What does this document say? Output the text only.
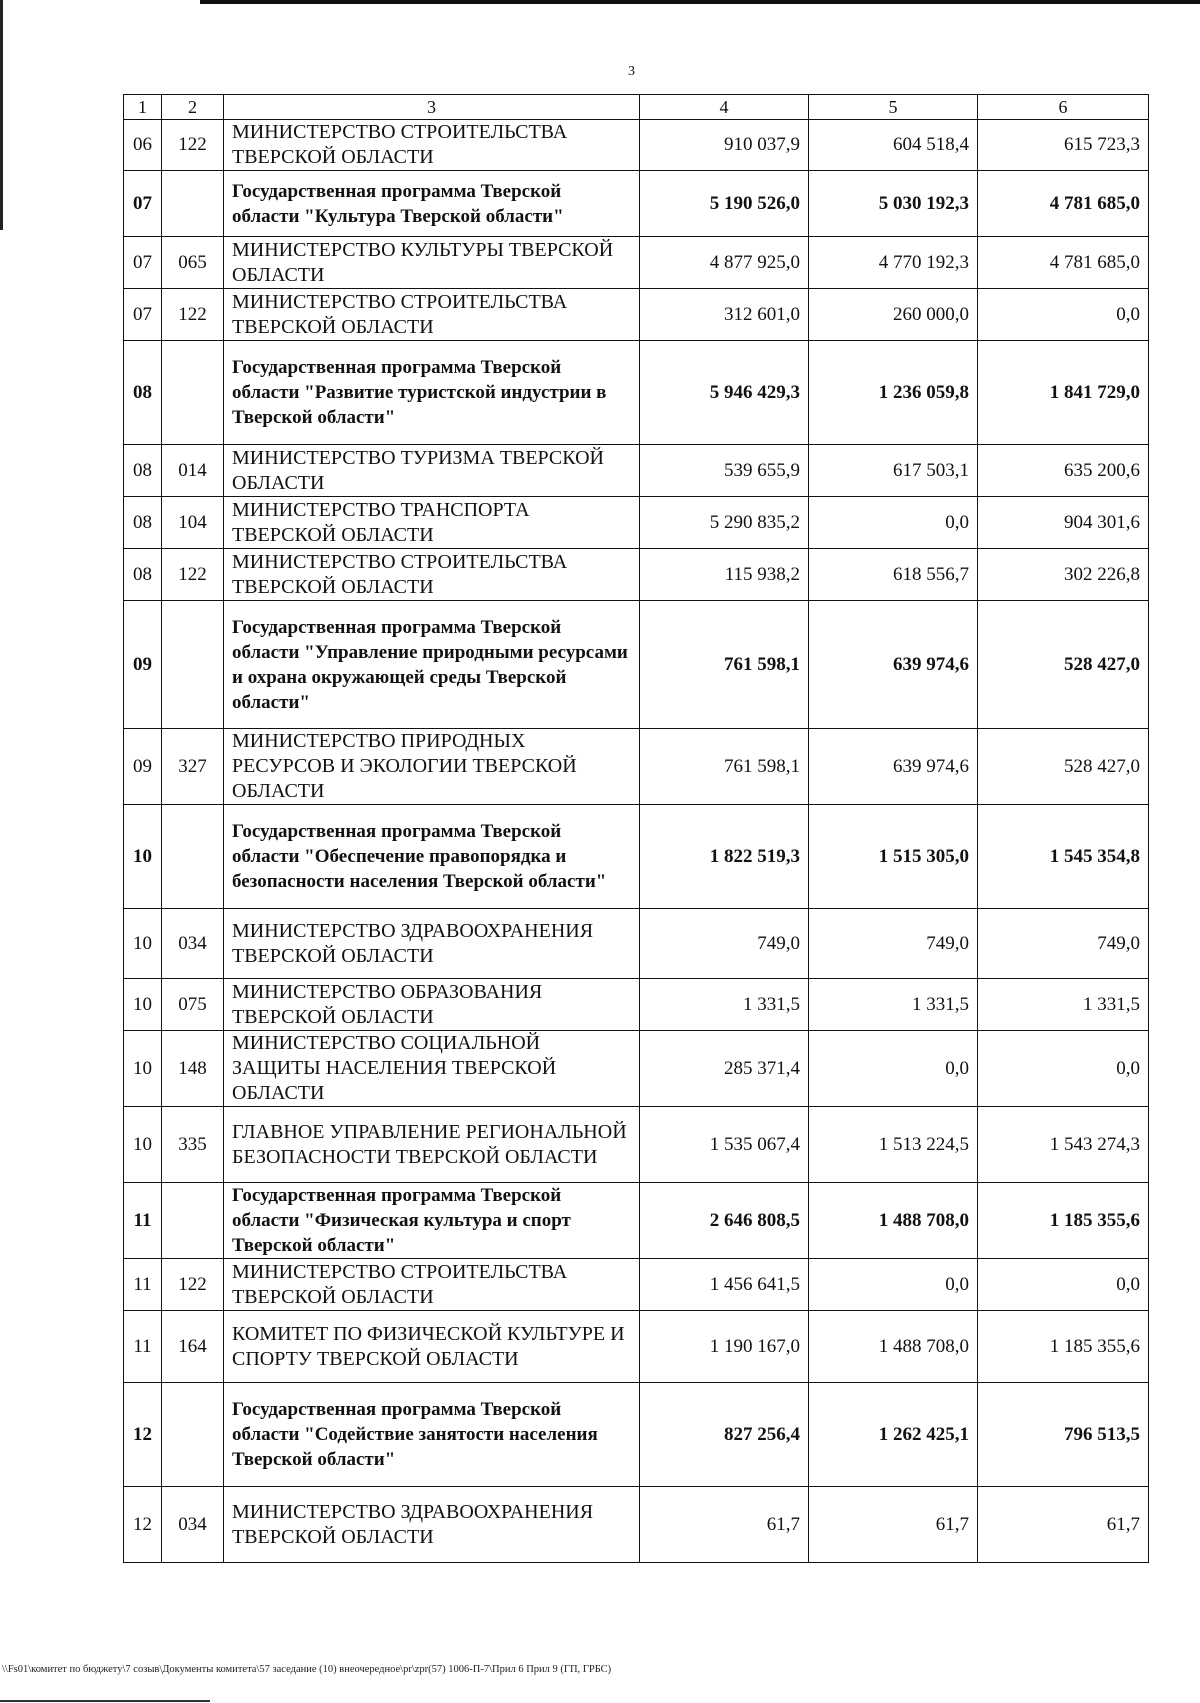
3
1	2	3	4	5	6
06	122	МИНИСТЕРСТВО СТРОИТЕЛЬСТВА ТВЕРСКОЙ ОБЛАСТИ	910 037,9	604 518,4	615 723,3
07		Государственная программа Тверской области "Культура Тверской области"	5 190 526,0	5 030 192,3	4 781 685,0
07	065	МИНИСТЕРСТВО КУЛЬТУРЫ ТВЕРСКОЙ ОБЛАСТИ	4 877 925,0	4 770 192,3	4 781 685,0
07	122	МИНИСТЕРСТВО СТРОИТЕЛЬСТВА ТВЕРСКОЙ ОБЛАСТИ	312 601,0	260 000,0	0,0
08		Государственная программа Тверской области "Развитие туристской индустрии в Тверской области"	5 946 429,3	1 236 059,8	1 841 729,0
08	014	МИНИСТЕРСТВО ТУРИЗМА ТВЕРСКОЙ ОБЛАСТИ	539 655,9	617 503,1	635 200,6
08	104	МИНИСТЕРСТВО ТРАНСПОРТА ТВЕРСКОЙ ОБЛАСТИ	5 290 835,2	0,0	904 301,6
08	122	МИНИСТЕРСТВО СТРОИТЕЛЬСТВА ТВЕРСКОЙ ОБЛАСТИ	115 938,2	618 556,7	302 226,8
09		Государственная программа Тверской области "Управление природными ресурсами и охрана окружающей среды Тверской области"	761 598,1	639 974,6	528 427,0
09	327	МИНИСТЕРСТВО ПРИРОДНЫХ РЕСУРСОВ И ЭКОЛОГИИ ТВЕРСКОЙ ОБЛАСТИ	761 598,1	639 974,6	528 427,0
10		Государственная программа Тверской области "Обеспечение правопорядка и безопасности населения Тверской области"	1 822 519,3	1 515 305,0	1 545 354,8
10	034	МИНИСТЕРСТВО ЗДРАВООХРАНЕНИЯ ТВЕРСКОЙ ОБЛАСТИ	749,0	749,0	749,0
10	075	МИНИСТЕРСТВО ОБРАЗОВАНИЯ ТВЕРСКОЙ ОБЛАСТИ	1 331,5	1 331,5	1 331,5
10	148	МИНИСТЕРСТВО СОЦИАЛЬНОЙ ЗАЩИТЫ НАСЕЛЕНИЯ ТВЕРСКОЙ ОБЛАСТИ	285 371,4	0,0	0,0
10	335	ГЛАВНОЕ УПРАВЛЕНИЕ РЕГИОНАЛЬНОЙ БЕЗОПАСНОСТИ ТВЕРСКОЙ ОБЛАСТИ	1 535 067,4	1 513 224,5	1 543 274,3
11		Государственная программа Тверской области "Физическая культура и спорт Тверской области"	2 646 808,5	1 488 708,0	1 185 355,6
11	122	МИНИСТЕРСТВО СТРОИТЕЛЬСТВА ТВЕРСКОЙ ОБЛАСТИ	1 456 641,5	0,0	0,0
11	164	КОМИТЕТ ПО ФИЗИЧЕСКОЙ КУЛЬТУРЕ И СПОРТУ ТВЕРСКОЙ ОБЛАСТИ	1 190 167,0	1 488 708,0	1 185 355,6
12		Государственная программа Тверской области "Содействие занятости населения Тверской области"	827 256,4	1 262 425,1	796 513,5
12	034	МИНИСТЕРСТВО ЗДРАВООХРАНЕНИЯ ТВЕРСКОЙ ОБЛАСТИ	61,7	61,7	61,7
\\Fs01\комитет по бюджету\7 созыв\Документы комитета\57 заседание (10) внеочередное\pr\zpr(57) 1006-П-7\Прил 6 Прил 9 (ГП, ГРБС)
